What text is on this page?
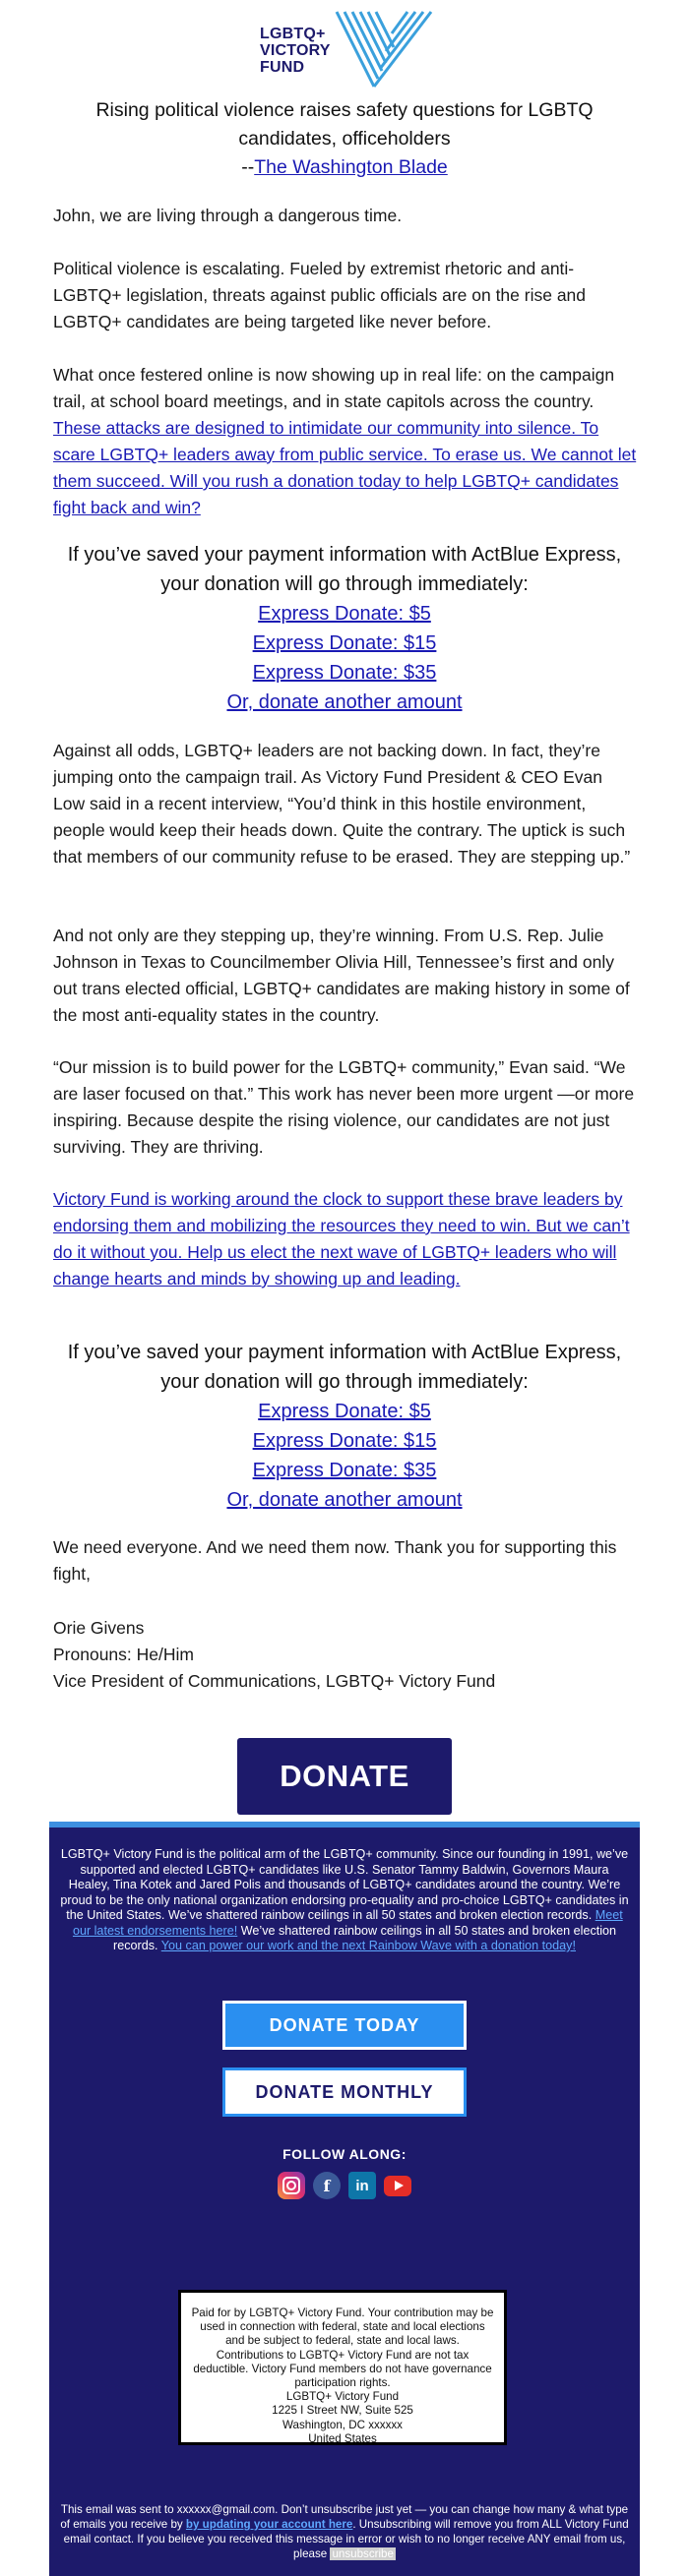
LGBTQ+
VICTORY
FUND
Rising political violence raises safety questions for LGBTQ
candidates, officeholders
--The Washington Blade
John, we are living through a dangerous time.
Political violence is escalating. Fueled by extremist rhetoric and anti-LGBTQ+ legislation, threats against public officials are on the rise and LGBTQ+ candidates are being targeted like never before.
What once festered online is now showing up in real life: on the campaign trail, at school board meetings, and in state capitols across the country. These attacks are designed to intimidate our community into silence. To scare LGBTQ+ leaders away from public service. To erase us. We cannot let them succeed. Will you rush a donation today to help LGBTQ+ candidates fight back and win?
If you’ve saved your payment information with ActBlue Express,
your donation will go through immediately:
Express Donate: $5
Express Donate: $15
Express Donate: $35
Or, donate another amount
Against all odds, LGBTQ+ leaders are not backing down. In fact, they’re jumping onto the campaign trail. As Victory Fund President & CEO Evan Low said in a recent interview, “You’d think in this hostile environment, people would keep their heads down. Quite the contrary. The uptick is such that members of our community refuse to be erased. They are stepping up.”
And not only are they stepping up, they’re winning. From U.S. Rep. Julie Johnson in Texas to Councilmember Olivia Hill, Tennessee’s first and only out trans elected official, LGBTQ+ candidates are making history in some of the most anti-equality states in the country.
“Our mission is to build power for the LGBTQ+ community,” Evan said. “We are laser focused on that.” This work has never been more urgent —or more inspiring. Because despite the rising violence, our candidates are not just surviving. They are thriving.
Victory Fund is working around the clock to support these brave leaders by endorsing them and mobilizing the resources they need to win. But we can’t do it without you. Help us elect the next wave of LGBTQ+ leaders who will change hearts and minds by showing up and leading.
If you’ve saved your payment information with ActBlue Express,
your donation will go through immediately:
Express Donate: $5
Express Donate: $15
Express Donate: $35
Or, donate another amount
We need everyone. And we need them now. Thank you for supporting this fight,
Orie Givens
Pronouns: He/Him
Vice President of Communications, LGBTQ+ Victory Fund
DONATE
LGBTQ+ Victory Fund is the political arm of the LGBTQ+ community. Since our founding in 1991, we’ve supported and elected LGBTQ+ candidates like U.S. Senator Tammy Baldwin, Governors Maura Healey, Tina Kotek and Jared Polis and thousands of LGBTQ+ candidates around the country. We’re proud to be the only national organization endorsing pro-equality and pro-choice LGBTQ+ candidates in the United States. We’ve shattered rainbow ceilings in all 50 states and broken election records. Meet our latest endorsements here! We’ve shattered rainbow ceilings in all 50 states and broken election records. You can power our work and the next Rainbow Wave with a donation today!
DONATE TODAY
DONATE MONTHLY
FOLLOW ALONG:
f	in
Paid for by LGBTQ+ Victory Fund. Your contribution may be used in connection with federal, state and local elections and be subject to federal, state and local laws. Contributions to LGBTQ+ Victory Fund are not tax deductible. Victory Fund members do not have governance participation rights.
LGBTQ+ Victory Fund
1225 I Street NW, Suite 525
Washington, DC xxxxxx
United States
This email was sent to xxxxxx@gmail.com. Don’t unsubscribe just yet — you can change how many & what type of emails you receive by by updating your account here. Unsubscribing will remove you from ALL Victory Fund email contact. If you believe you received this message in error or wish to no longer receive ANY email from us, please unsubscribe
